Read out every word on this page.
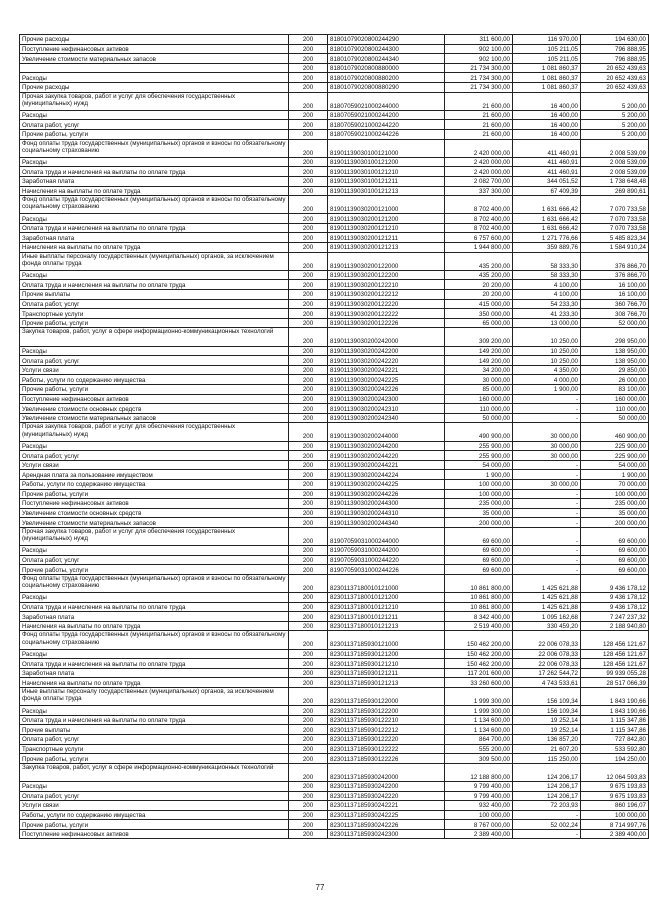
Прочие расходы	200	81801079020800244290	311 600,00	116 970,00	194 630,00
Поступление нефинансовых активов	200	81801079020800244300	902 100,00	105 211,05	796 888,95
Увеличение стоимости материальных запасов	200	81801079020800244340	902 100,00	105 211,05	796 888,95
	200	81801079020800880000	21 734 300,00	1 081 860,37	20 652 439,63
Расходы	200	81801079020800880200	21 734 300,00	1 081 860,37	20 652 439,63
Прочие расходы	200	81801079020800880290	21 734 300,00	1 081 860,37	20 652 439,63
Прочая закупка товаров, работ и услуг для обеспечения государственных (муниципальных) нужд	200	81807059021000244000	21 600,00	16 400,00	5 200,00
Расходы	200	81807059021000244200	21 600,00	16 400,00	5 200,00
Оплата работ, услуг	200	81807059021000244220	21 600,00	16 400,00	5 200,00
Прочие работы, услуги	200	81807059021000244226	21 600,00	16 400,00	5 200,00
Фонд оплаты труда государственных (муниципальных) органов и взносы по обязательному социальному страхованию	200	81901139030100121000	2 420 000,00	411 460,91	2 008 539,09
Расходы	200	81901139030100121200	2 420 000,00	411 460,91	2 008 539,09
Оплата труда и начисления на выплаты по оплате труда	200	81901139030100121210	2 420 000,00	411 460,91	2 008 539,09
Заработная плата	200	81901139030100121211	2 082 700,00	344 051,52	1 738 648,48
Начисления на выплаты по оплате труда	200	81901139030100121213	337 300,00	67 409,39	269 890,61
Фонд оплаты труда государственных (муниципальных) органов и взносы по обязательному социальному страхованию	200	81901139030200121000	8 702 400,00	1 631 666,42	7 070 733,58
Расходы	200	81901139030200121200	8 702 400,00	1 631 666,42	7 070 733,58
Оплата труда и начисления на выплаты по оплате труда	200	81901139030200121210	8 702 400,00	1 631 666,42	7 070 733,58
Заработная плата	200	81901139030200121211	6 757 600,00	1 271 776,66	5 485 823,34
Начисления на выплаты по оплате труда	200	81901139030200121213	1 944 800,00	359 889,76	1 584 910,24
Иные выплаты персоналу государственных (муниципальных) органов, за исключением фонда оплаты труда	200	81901139030200122000	435 200,00	58 333,30	376 866,70
Расходы	200	81901139030200122200	435 200,00	58 333,30	376 866,70
Оплата труда и начисления на выплаты по оплате труда	200	81901139030200122210	20 200,00	4 100,00	16 100,00
Прочие выплаты	200	81901139030200122212	20 200,00	4 100,00	16 100,00
Оплата работ, услуг	200	81901139030200122220	415 000,00	54 233,30	360 766,70
Транспортные услуги	200	81901139030200122222	350 000,00	41 233,30	308 766,70
Прочие работы, услуги	200	81901139030200122226	65 000,00	13 000,00	52 000,00
Закупка товаров, работ, услуг в сфере информационно-коммуникационных технологий	200	81901139030200242000	309 200,00	10 250,00	298 950,00
Расходы	200	81901139030200242200	149 200,00	10 250,00	138 950,00
Оплата работ, услуг	200	81901139030200242220	149 200,00	10 250,00	138 950,00
Услуги связи	200	81901139030200242221	34 200,00	4 350,00	29 850,00
Работы, услуги по содержанию имущества	200	81901139030200242225	30 000,00	4 000,00	26 000,00
Прочие работы, услуги	200	81901139030200242226	85 000,00	1 900,00	83 100,00
Поступление нефинансовых активов	200	81901139030200242300	160 000,00	-	160 000,00
Увеличение стоимости основных средств	200	81901139030200242310	110 000,00	-	110 000,00
Увеличение стоимости материальных запасов	200	81901139030200242340	50 000,00	-	50 000,00
Прочая закупка товаров, работ и услуг для обеспечения государственных (муниципальных) нужд	200	81901139030200244000	490 900,00	30 000,00	460 900,00
Расходы	200	81901139030200244200	255 900,00	30 000,00	225 900,00
Оплата работ, услуг	200	81901139030200244220	255 900,00	30 000,00	225 900,00
Услуги связи	200	81901139030200244221	54 000,00	-	54 000,00
Арендная плата за пользование имуществом	200	81901139030200244224	1 900,00	-	1 900,00
Работы, услуги по содержанию имущества	200	81901139030200244225	100 000,00	30 000,00	70 000,00
Прочие работы, услуги	200	81901139030200244226	100 000,00	-	100 000,00
Поступление нефинансовых активов	200	81901139030200244300	235 000,00	-	235 000,00
Увеличение стоимости основных средств	200	81901139030200244310	35 000,00	-	35 000,00
Увеличение стоимости материальных запасов	200	81901139030200244340	200 000,00	-	200 000,00
Прочая закупка товаров, работ и услуг для обеспечения государственных (муниципальных) нужд	200	81907059031000244000	69 600,00	-	69 600,00
Расходы	200	81907059031000244200	69 600,00	-	69 600,00
Оплата работ, услуг	200	81907059031000244220	69 600,00	-	69 600,00
Прочие работы, услуги	200	81907059031000244226	69 600,00	-	69 600,00
Фонд оплаты труда государственных (муниципальных) органов и взносы по обязательному социальному страхованию	200	82301137180010121000	10 861 800,00	1 425 621,88	9 436 178,12
Расходы	200	82301137180010121200	10 861 800,00	1 425 621,88	9 436 178,12
Оплата труда и начисления на выплаты по оплате труда	200	82301137180010121210	10 861 800,00	1 425 621,88	9 436 178,12
Заработная плата	200	82301137180010121211	8 342 400,00	1 095 162,68	7 247 237,32
Начисления на выплаты по оплате труда	200	82301137180010121213	2 519 400,00	330 459,20	2 188 940,80
Фонд оплаты труда государственных (муниципальных) органов и взносы по обязательному социальному страхованию	200	82301137185930121000	150 462 200,00	22 006 078,33	128 456 121,67
Расходы	200	82301137185930121200	150 462 200,00	22 006 078,33	128 456 121,67
Оплата труда и начисления на выплаты по оплате труда	200	82301137185930121210	150 462 200,00	22 006 078,33	128 456 121,67
Заработная плата	200	82301137185930121211	117 201 600,00	17 262 544,72	99 939 055,28
Начисления на выплаты по оплате труда	200	82301137185930121213	33 260 600,00	4 743 533,61	28 517 066,39
Иные выплаты персоналу государственных (муниципальных) органов, за исключением фонда оплаты труда	200	82301137185930122000	1 999 300,00	156 109,34	1 843 190,66
Расходы	200	82301137185930122200	1 999 300,00	156 109,34	1 843 190,66
Оплата труда и начисления на выплаты по оплате труда	200	82301137185930122210	1 134 600,00	19 252,14	1 115 347,86
Прочие выплаты	200	82301137185930122212	1 134 600,00	19 252,14	1 115 347,86
Оплата работ, услуг	200	82301137185930122220	864 700,00	136 857,20	727 842,80
Транспортные услуги	200	82301137185930122222	555 200,00	21 607,20	533 592,80
Прочие работы, услуги	200	82301137185930122226	309 500,00	115 250,00	194 250,00
Закупка товаров, работ, услуг в сфере информационно-коммуникационных технологий	200	82301137185930242000	12 188 800,00	124 206,17	12 064 593,83
Расходы	200	82301137185930242200	9 799 400,00	124 206,17	9 675 193,83
Оплата работ, услуг	200	82301137185930242220	9 799 400,00	124 206,17	9 675 193,83
Услуги связи	200	82301137185930242221	932 400,00	72 203,93	860 196,07
Работы, услуги по содержанию имущества	200	82301137185930242225	100 000,00	-	100 000,00
Прочие работы, услуги	200	82301137185930242226	8 767 000,00	52 002,24	8 714 997,76
Поступление нефинансовых активов	200	82301137185930242300	2 389 400,00	-	2 389 400,00
77
